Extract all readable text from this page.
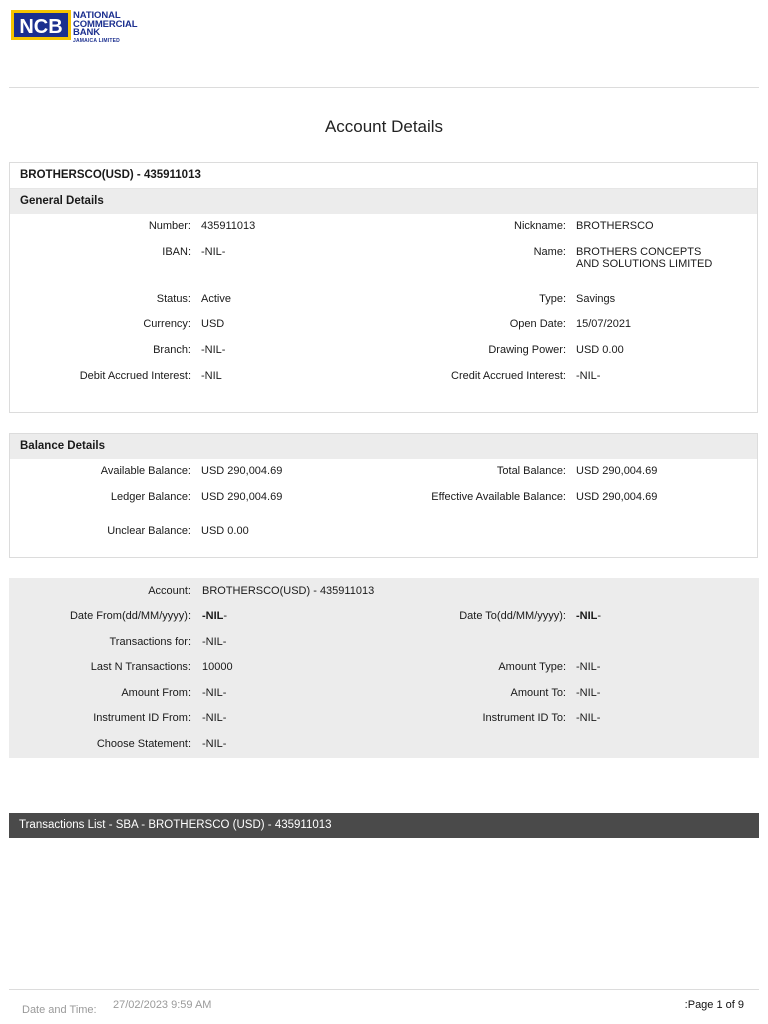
NCB
NATIONAL
COMMERCIAL
BANK
JAMAICA LIMITED
Account Details
BROTHERSCO(USD) - 435911013
General Details
Number: 435911013
IBAN: -NIL-
Status: Active
Currency: USD
Branch: -NIL-
Debit Accrued Interest: -NIL
Nickname: BROTHERSCO
Name: BROTHERS CONCEPTS
AND SOLUTIONS LIMITED
Type: Savings
Open Date: 15/07/2021
Drawing Power: USD 0.00
Credit Accrued Interest: -NIL-
Balance Details
Available Balance: USD 290,004.69
Ledger Balance: USD 290,004.69
Unclear Balance: USD 0.00
Total Balance: USD 290,004.69
Effective Available Balance: USD 290,004.69
Account: BROTHERSCO(USD) - 435911013
Date From(dd/MM/yyyy): -NIL-
Transactions for: -NIL-
Last N Transactions: 10000
Amount From: -NIL-
Instrument ID From: -NIL-
Choose Statement: -NIL-
Date To(dd/MM/yyyy): -NIL-
Amount Type: -NIL-
Amount To: -NIL-
Instrument ID To: -NIL-
Transactions List - SBA - BROTHERSCO (USD) - 435911013
Date and Time: 27/02/2023 9:59 AM	:Page 1 of 9
